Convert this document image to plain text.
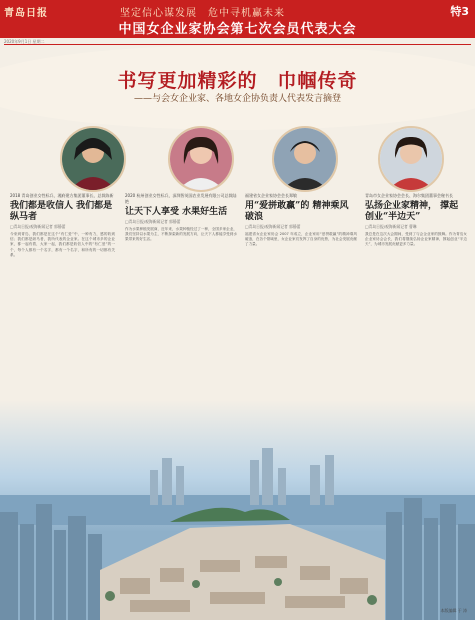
青岛日报	坚定信心谋发展　危中寻机赢未来	特3
中国女企业家协会第七次会员代表大会
2020年9月1日 星期二
书写更加精彩的　巾帼传奇
——与会女企业家、各地女企协负责人代表发言摘登
2018 青岛创业女性标兵、湘府建方集团董事长、总裁陈新
我们都是收信人 我们都是纵马者
□青岛日报/观海新闻记者 郭静蕾
今来到青岛，我们都是在这个“有仁爱”中，一种有力，感的收到信；我们都是纵马者，我所代表的企业家。在这个城市多的企业家，都一起有着，大家一起，我们都是收信人中的“有仁爱”的一个，每个人都有一个名字，都有一个名字，和所有的一切都有关系。
2020 杭州创业女性标兵，深圳智英国农业发展有限公司总裁陆艳
让天下人享受 水果好生活
□青岛日报/观海新闻记者 郭静蕾
作为水果种植发展商，近年来，水果种植经过了一种，全国多家企业，我们坚持以水果为主，不断探索新的发展方向，让天下人都能享受到水果带来的好生活。
福建省女企业家协会会长郑敏
用“爱拼敢赢”的 精神乘风破浪
□青岛日报/观海新闻记者 郭静蕾
福建省女企业家协会 2007 年成立，企业家用“爱拼敢赢”的精神乘风破浪，在各个领域里，女企业家们发挥了自身的优势，为社会发展贡献了力量。
青岛市女企业家协会会长、海尔集团董事会秘书长
弘扬企业家精神， 撑起创业“半边天”
□青岛日报/观海新闻记者 曹琳
我总是在这次大会期间，受到了与会企业家的鼓舞。作为青岛女企业家协会会长，我们将继续弘扬企业家精神，撑起创业“半边天”，为城市发展贡献更多力量。
本版编辑 于 涛
